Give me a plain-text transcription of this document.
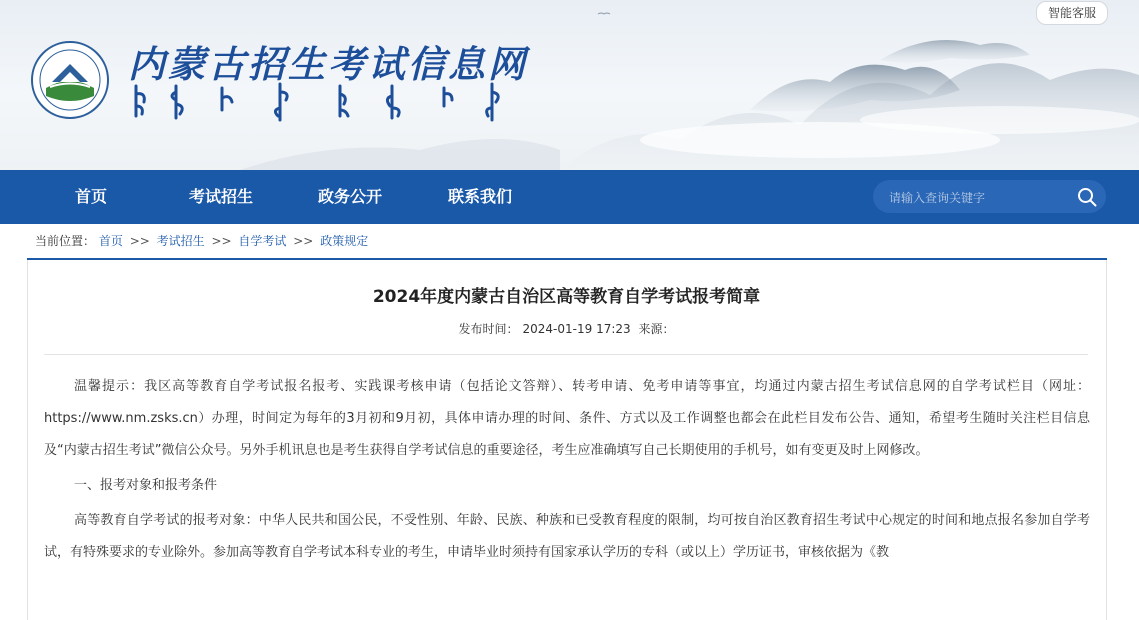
内蒙古招生考试信息网
智能客服
首页	考试招生	政务公开	联系我们
请输入查询关键字
当前位置： 首页 >> 考试招生 >> 自学考试 >> 政策规定
2024年度内蒙古自治区高等教育自学考试报考简章
发布时间： 2024-01-19 17:23 来源：

温馨提示：我区高等教育自学考试报名报考、实践课考核申请（包括论文答辩）、转考申请、免考申请等事宜，均通过内蒙古招生考试信息网的自学考试栏目（网址：https://www.nm.zsks.cn）办理，时间定为每年的3月初和9月初，具体申请办理的时间、条件、方式以及工作调整也都会在此栏目发布公告、通知，希望考生随时关注栏目信息及“内蒙古招生考试”微信公众号。另外手机讯息也是考生获得自学考试信息的重要途径，考生应准确填写自己长期使用的手机号，如有变更及时上网修改。

一、报考对象和报考条件

高等教育自学考试的报考对象：中华人民共和国公民，不受性别、年龄、民族、种族和已受教育程度的限制，均可按自治区教育招生考试中心规定的时间和地点报名参加自学考试，有特殊要求的专业除外。参加高等教育自学考试本科专业的考生，申请毕业时须持有国家承认学历的专科（或以上）学历证书，审核依据为《教
